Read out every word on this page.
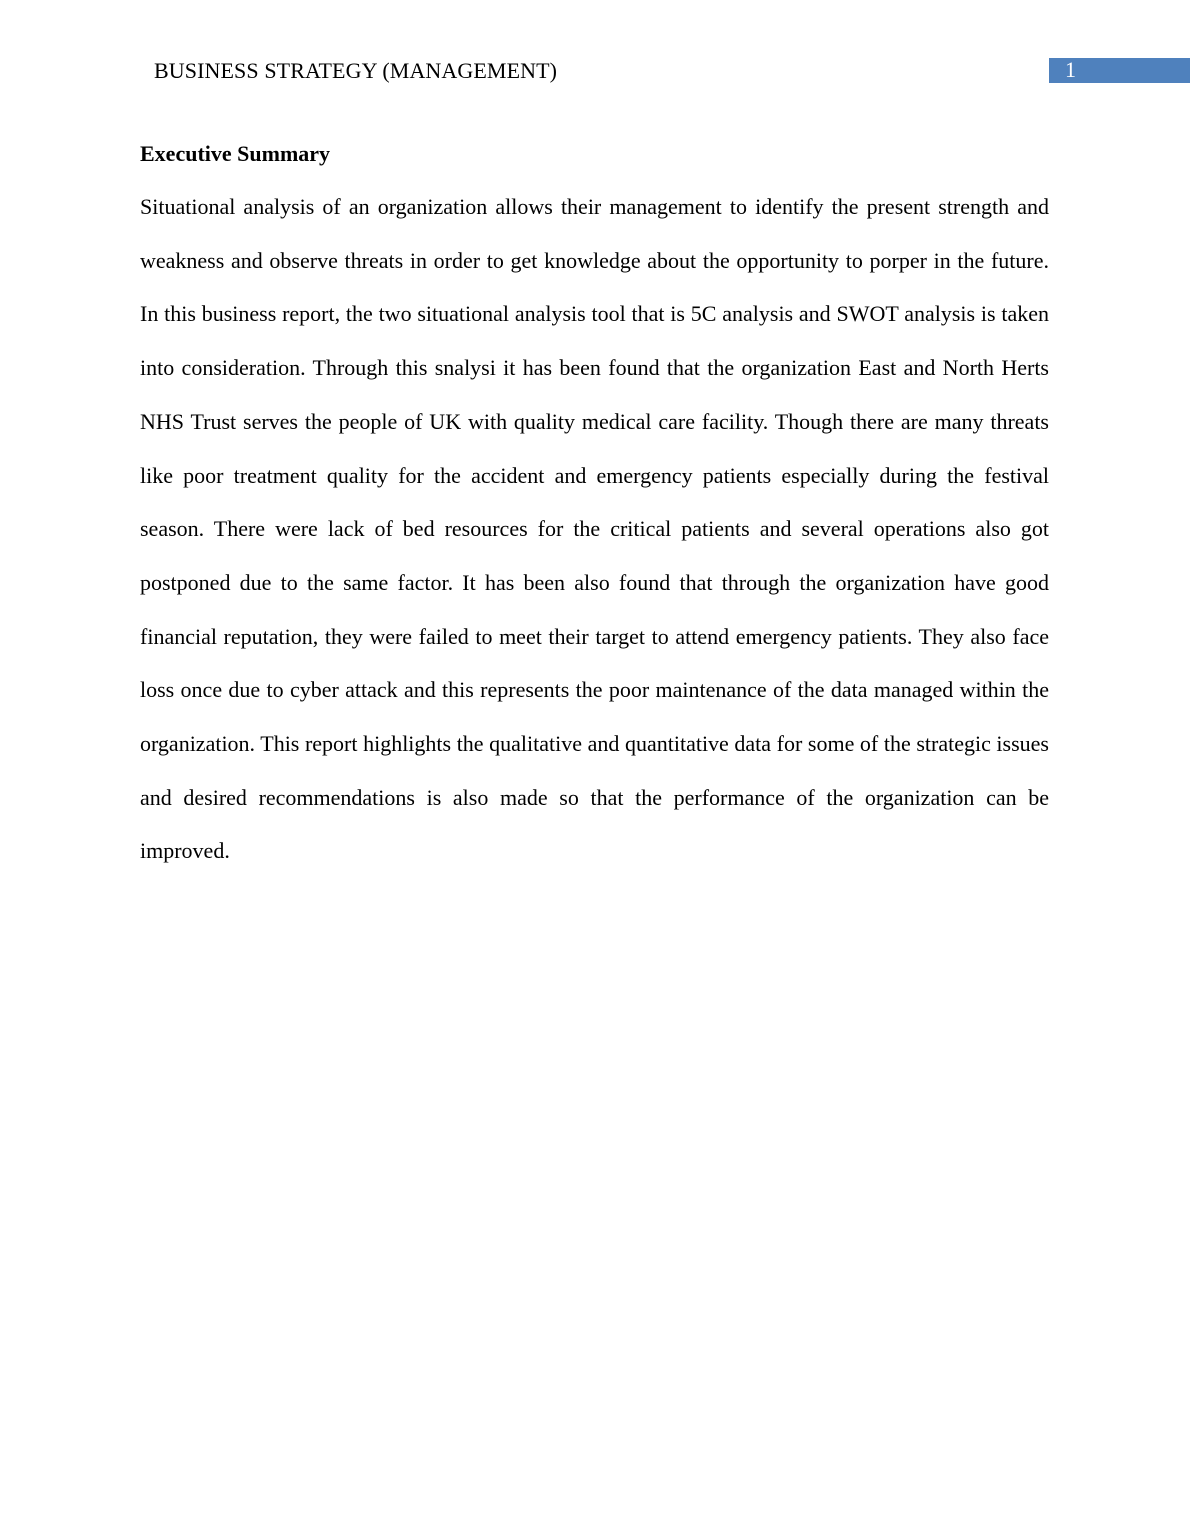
BUSINESS STRATEGY (MANAGEMENT)	1
Executive Summary

Situational analysis of an organization allows their management to identify the present strength and weakness and observe threats in order to get knowledge about the opportunity to porper in the future. In this business report, the two situational analysis tool that is 5C analysis and SWOT analysis is taken into consideration. Through this snalysi it has been found that the organization East and North Herts NHS Trust serves the people of UK with quality medical care facility. Though there are many threats like poor treatment quality for the accident and emergency patients especially during the festival season. There were lack of bed resources for the critical patients and several operations also got postponed due to the same factor. It has been also found that through the organization have good financial reputation, they were failed to meet their target to attend emergency patients. They also face loss once due to cyber attack and this represents the poor maintenance of the data managed within the organization. This report highlights the qualitative and quantitative data for some of the strategic issues and desired recommendations is also made so that the performance of the organization can be improved.
